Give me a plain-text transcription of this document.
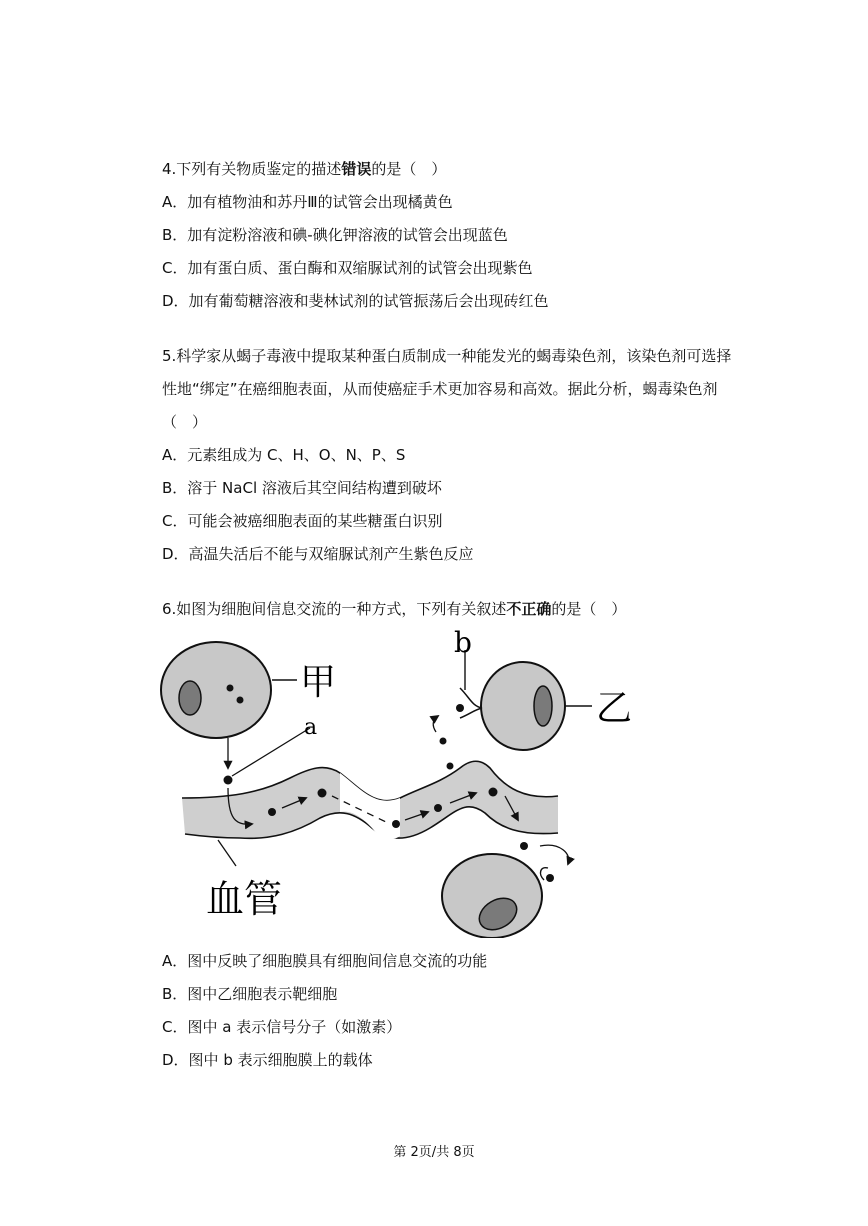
4.下列有关物质鉴定的描述错误的是（　）
A．加有植物油和苏丹Ⅲ的试管会出现橘黄色
B．加有淀粉溶液和碘-碘化钾溶液的试管会出现蓝色
C．加有蛋白质、蛋白酶和双缩脲试剂的试管会出现紫色
D．加有葡萄糖溶液和斐林试剂的试管振荡后会出现砖红色
5.科学家从蝎子毒液中提取某种蛋白质制成一种能发光的蝎毒染色剂，该染色剂可选择
性地“绑定”在癌细胞表面，从而使癌症手术更加容易和高效。据此分析，蝎毒染色剂
（　）
A．元素组成为 C、H、O、N、P、S
B．溶于 NaCl 溶液后其空间结构遭到破坏
C．可能会被癌细胞表面的某些糖蛋白识别
D．高温失活后不能与双缩脲试剂产生紫色反应
6.如图为细胞间信息交流的一种方式，下列有关叙述不正确的是（　）
甲
a
b
乙
血管
A．图中反映了细胞膜具有细胞间信息交流的功能
B．图中乙细胞表示靶细胞
C．图中 a 表示信号分子（如激素）
D．图中 b 表示细胞膜上的载体
第 2页/共 8页
